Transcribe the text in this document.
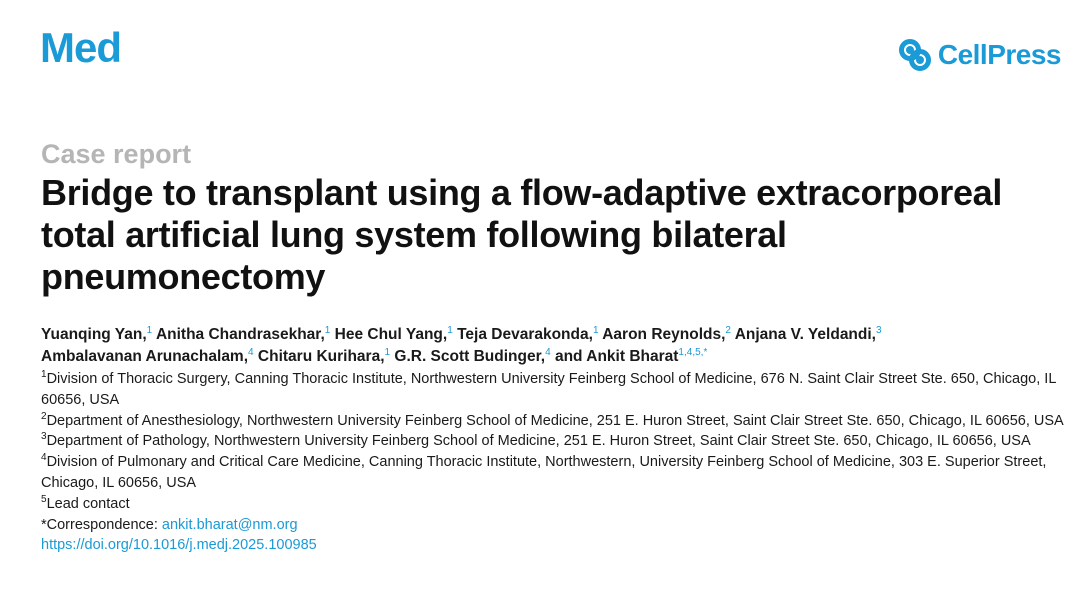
Med	CellPress
Case report
Bridge to transplant using a flow-adaptive extracorporeal total artificial lung system following bilateral pneumonectomy
Yuanqing Yan,$^1$ Anitha Chandrasekhar,$^1$ Hee Chul Yang,$^1$ Teja Devarakonda,$^1$ Aaron Reynolds,$^2$ Anjana V. Yeldandi,$^3$
Ambalavanan Arunachalam,$^4$ Chitaru Kurihara,$^1$ G.R. Scott Budinger,$^4$ and Ankit Bharat$^{1,4,5,*}$
$^1$Division of Thoracic Surgery, Canning Thoracic Institute, Northwestern University Feinberg School of Medicine, 676 N. Saint Clair Street Ste. 650, Chicago, IL 60656, USA
$^2$Department of Anesthesiology, Northwestern University Feinberg School of Medicine, 251 E. Huron Street, Saint Clair Street Ste. 650, Chicago, IL 60656, USA
$^3$Department of Pathology, Northwestern University Feinberg School of Medicine, 251 E. Huron Street, Saint Clair Street Ste. 650, Chicago, IL 60656, USA
$^4$Division of Pulmonary and Critical Care Medicine, Canning Thoracic Institute, Northwestern, University Feinberg School of Medicine, 303 E. Superior Street, Chicago, IL 60656, USA
$^5$Lead contact
*Correspondence: ankit.bharat@nm.org
https://doi.org/10.1016/j.medj.2025.100985
